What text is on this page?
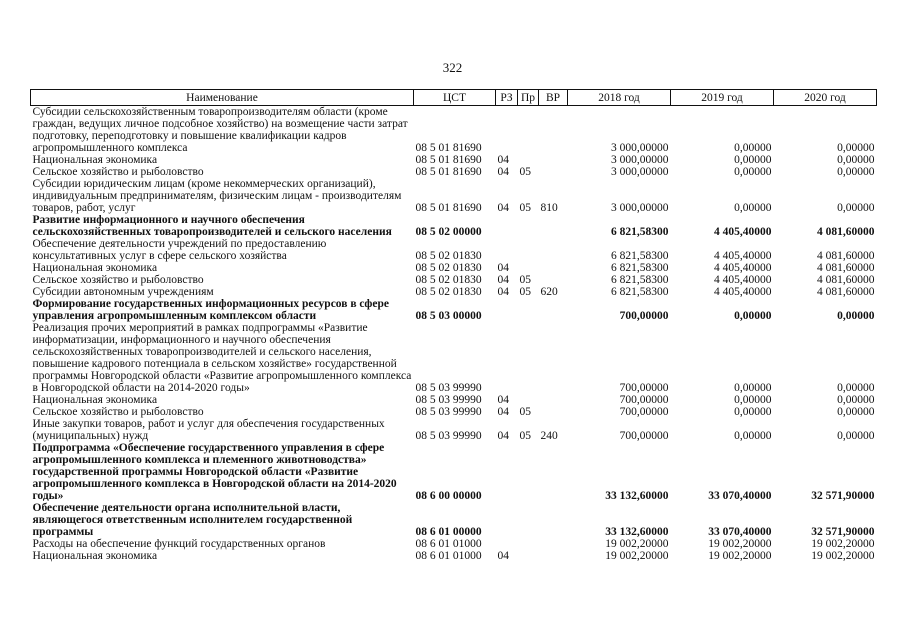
322
Наименование	ЦСТ	РЗ	Пр	ВР	2018 год	2019 год	2020 год
Субсидии сельскохозяйственным товаропроизводителям области (кроме граждан, ведущих личное подсобное хозяйство) на возмещение части затрат подготовку, переподготовку и повышение квалификации кадров агропромышленного комплекса	08 5 01 81690				3 000,00000	0,00000	0,00000
Национальная экономика	08 5 01 81690	04			3 000,00000	0,00000	0,00000
Сельское хозяйство и рыболовство	08 5 01 81690	04	05		3 000,00000	0,00000	0,00000
Субсидии юридическим лицам (кроме некоммерческих организаций), индивидуальным предпринимателям, физическим лицам - производителям товаров, работ, услуг	08 5 01 81690	04	05	810	3 000,00000	0,00000	0,00000
Развитие информационного и научного обеспечения сельскохозяйственных товаропроизводителей и сельского населения	08 5 02 00000				6 821,58300	4 405,40000	4 081,60000
Обеспечение деятельности учреждений по предоставлению консультативных услуг в сфере сельского хозяйства	08 5 02 01830				6 821,58300	4 405,40000	4 081,60000
Национальная экономика	08 5 02 01830	04			6 821,58300	4 405,40000	4 081,60000
Сельское хозяйство и рыболовство	08 5 02 01830	04	05		6 821,58300	4 405,40000	4 081,60000
Субсидии автономным учреждениям	08 5 02 01830	04	05	620	6 821,58300	4 405,40000	4 081,60000
Формирование государственных информационных ресурсов в сфере управления агропромышленным комплексом области	08 5 03 00000				700,00000	0,00000	0,00000
Реализация прочих мероприятий в рамках подпрограммы «Развитие информатизации, информационного и научного обеспечения сельскохозяйственных товаропроизводителей и сельского населения, повышение кадрового потенциала в сельском хозяйстве» государственной программы Новгородской области «Развитие агропромышленного комплекса в Новгородской области на 2014-2020 годы»	08 5 03 99990				700,00000	0,00000	0,00000
Национальная экономика	08 5 03 99990	04			700,00000	0,00000	0,00000
Сельское хозяйство и рыболовство	08 5 03 99990	04	05		700,00000	0,00000	0,00000
Иные закупки товаров, работ и услуг для обеспечения государственных (муниципальных) нужд	08 5 03 99990	04	05	240	700,00000	0,00000	0,00000
Подпрограмма «Обеспечение государственного управления в сфере агропромышленного комплекса и племенного животноводства» государственной программы Новгородской области «Развитие агропромышленного комплекса в Новгородской области на 2014-2020 годы»	08 6 00 00000				33 132,60000	33 070,40000	32 571,90000
Обеспечение деятельности органа исполнительной власти, являющегося ответственным исполнителем государственной программы	08 6 01 00000				33 132,60000	33 070,40000	32 571,90000
Расходы на обеспечение функций государственных органов	08 6 01 01000				19 002,20000	19 002,20000	19 002,20000
Национальная экономика	08 6 01 01000	04			19 002,20000	19 002,20000	19 002,20000
